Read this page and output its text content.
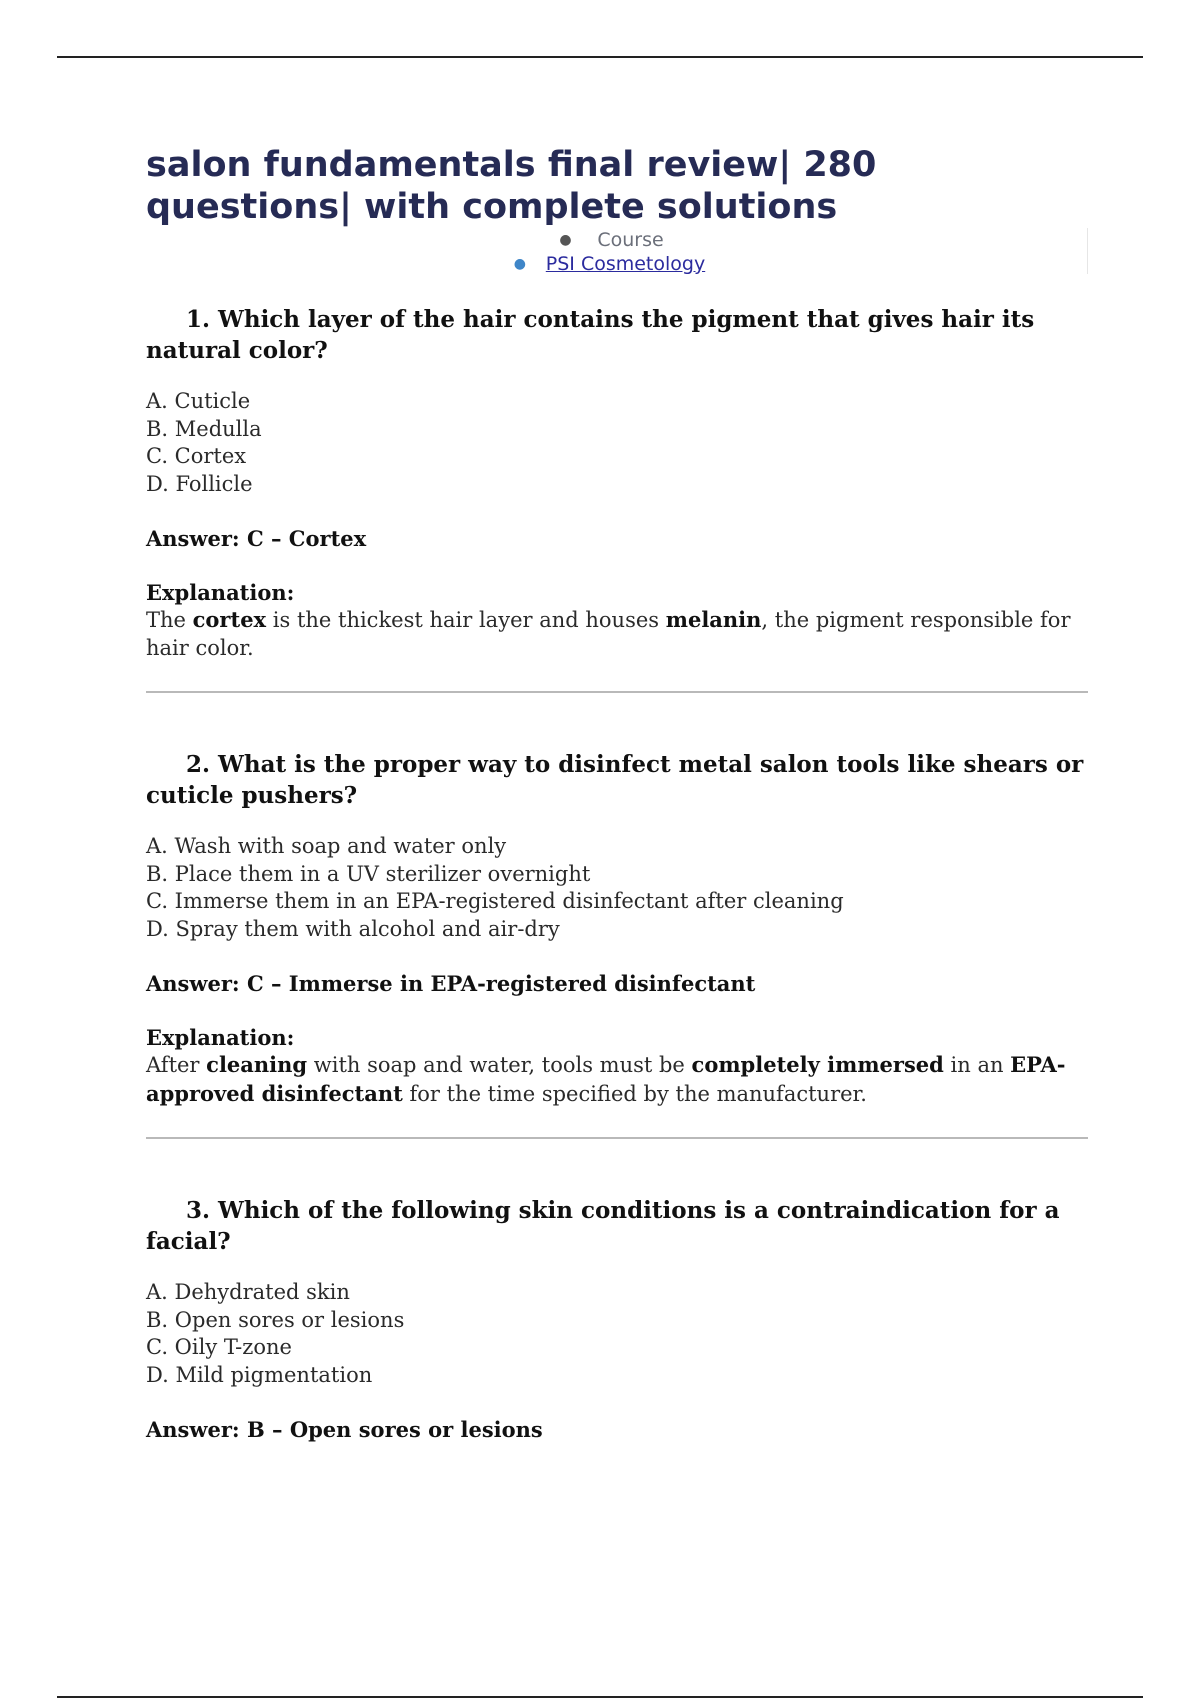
salon fundamentals final review| 280 questions| with complete solutions
● Course
● PSI Cosmetology

1. Which layer of the hair contains the pigment that gives hair its natural color?

A. Cuticle
B. Medulla
C. Cortex
D. Follicle

Answer: C – Cortex

Explanation:

The cortex is the thickest hair layer and houses melanin, the pigment responsible for hair color.

2. What is the proper way to disinfect metal salon tools like shears or cuticle pushers?

A. Wash with soap and water only
B. Place them in a UV sterilizer overnight
C. Immerse them in an EPA-registered disinfectant after cleaning
D. Spray them with alcohol and air-dry

Answer: C – Immerse in EPA-registered disinfectant

Explanation:

After cleaning with soap and water, tools must be completely immersed in an EPA-approved disinfectant for the time specified by the manufacturer.

3. Which of the following skin conditions is a contraindication for a facial?

A. Dehydrated skin
B. Open sores or lesions
C. Oily T-zone
D. Mild pigmentation

Answer: B – Open sores or lesions
